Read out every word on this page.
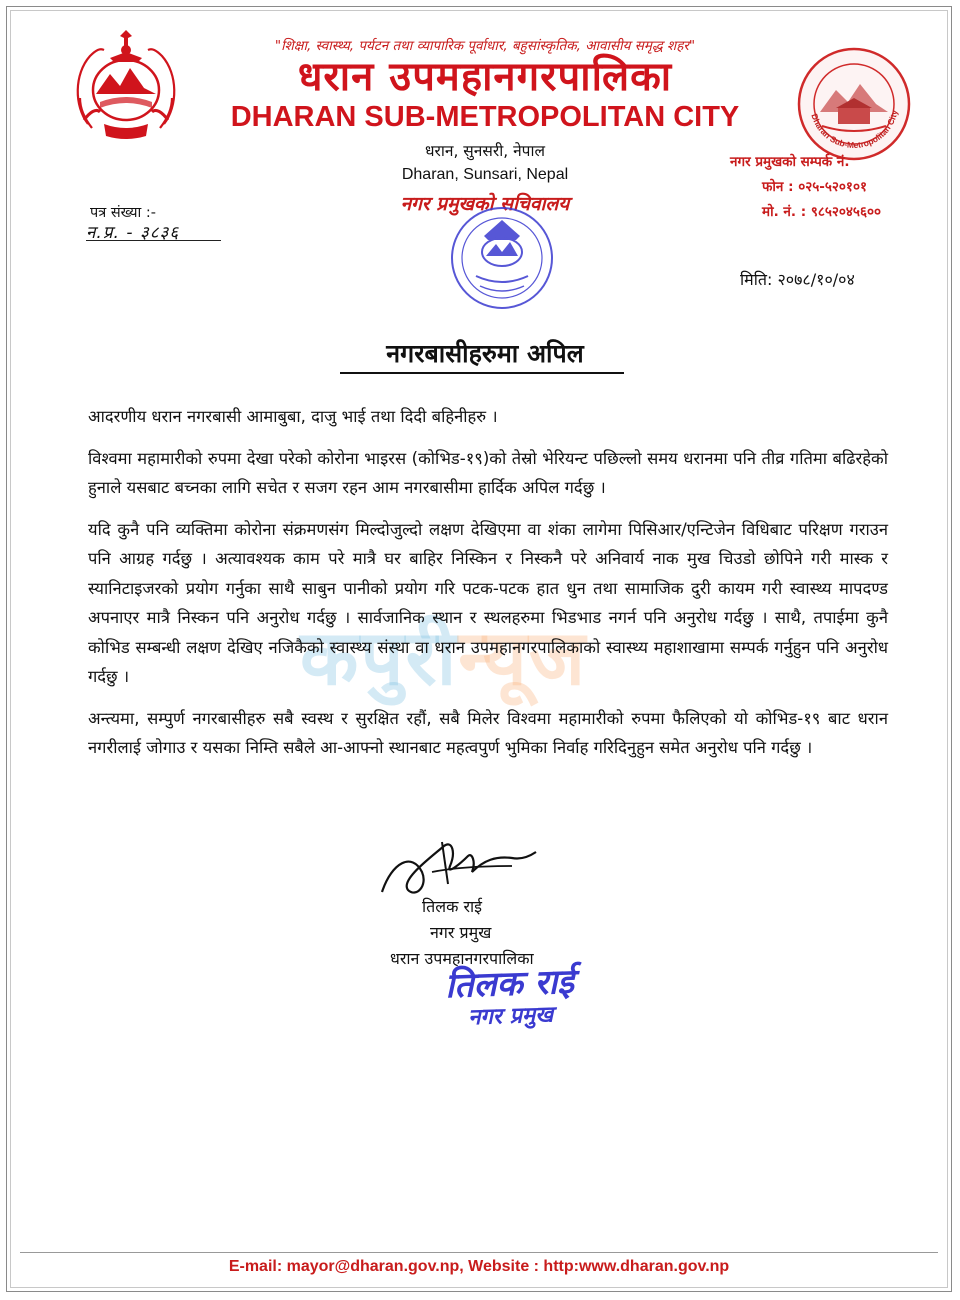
"शिक्षा, स्वास्थ्य, पर्यटन तथा व्यापारिक पूर्वाधार, बहुसांस्कृतिक, आवासीय समृद्ध शहर"
धरान उपमहानगरपालिका
DHARAN SUB-METROPOLITAN CITY
धरान, सुनसरी, नेपाल
Dharan, Sunsari, Nepal
नगर प्रमुखको सचिवालय
Dharan Sub-Metropolitan City
नगर प्रमुखको सम्पर्क नं.
फोन : ०२५-५२०१०१
मो. नं. : ९८५२०४५६००
पत्र संख्या :-
न.प्र. - ३८३६
मिति: २०७८/१०/०४
नगरबासीहरुमा अपिल
कपुरीन्यूज

आदरणीय धरान नगरबासी आमाबुबा, दाजु भाई तथा दिदी बहिनीहरु ।

विश्वमा महामारीको रुपमा देखा परेको कोरोना भाइरस (कोभिड-१९)को तेस्रो भेरियन्ट पछिल्लो समय धरानमा पनि तीव्र गतिमा बढिरहेको हुनाले यसबाट बच्नका लागि सचेत र सजग रहन आम नगरबासीमा हार्दिक अपिल गर्दछु ।

यदि कुनै पनि व्यक्तिमा कोरोना संक्रमणसंग मिल्दोजुल्दो लक्षण देखिएमा वा शंका लागेमा पिसिआर/एन्टिजेन विधिबाट परिक्षण गराउन पनि आग्रह गर्दछु । अत्यावश्यक काम परे मात्रै घर बाहिर निस्किन र निस्कनै परे अनिवार्य नाक मुख चिउडो छोपिने गरी मास्क र स्यानिटाइजरको प्रयोग गर्नुका साथै साबुन पानीको प्रयोग गरि पटक-पटक हात धुन तथा सामाजिक दुरी कायम गरी स्वास्थ्य मापदण्ड अपनाएर मात्रै निस्कन पनि अनुरोध गर्दछु । सार्वजानिक स्थान र स्थलहरुमा भिडभाड नगर्न पनि अनुरोध गर्दछु । साथै, तपाईमा कुनै कोभिड सम्बन्धी लक्षण देखिए नजिकैको स्वास्थ्य संस्था वा धरान उपमहानगरपालिकाको स्वास्थ्य महाशाखामा सम्पर्क गर्नुहुन पनि अनुरोध गर्दछु ।

अन्त्यमा, सम्पुर्ण नगरबासीहरु सबै स्वस्थ र सुरक्षित रहौं, सबै मिलेर विश्वमा महामारीको रुपमा फैलिएको यो कोभिड-१९ बाट धरान नगरीलाई जोगाउ र यसका निम्ति सबैले आ-आफ्नो स्थानबाट महत्वपुर्ण भुमिका निर्वाह गरिदिनुहुन समेत अनुरोध पनि गर्दछु ।

तिलक राई
नगर प्रमुख
धरान उपमहानगरपालिका
तिलक राई
नगर प्रमुख
E-mail: mayor@dharan.gov.np, Website : http:www.dharan.gov.np
